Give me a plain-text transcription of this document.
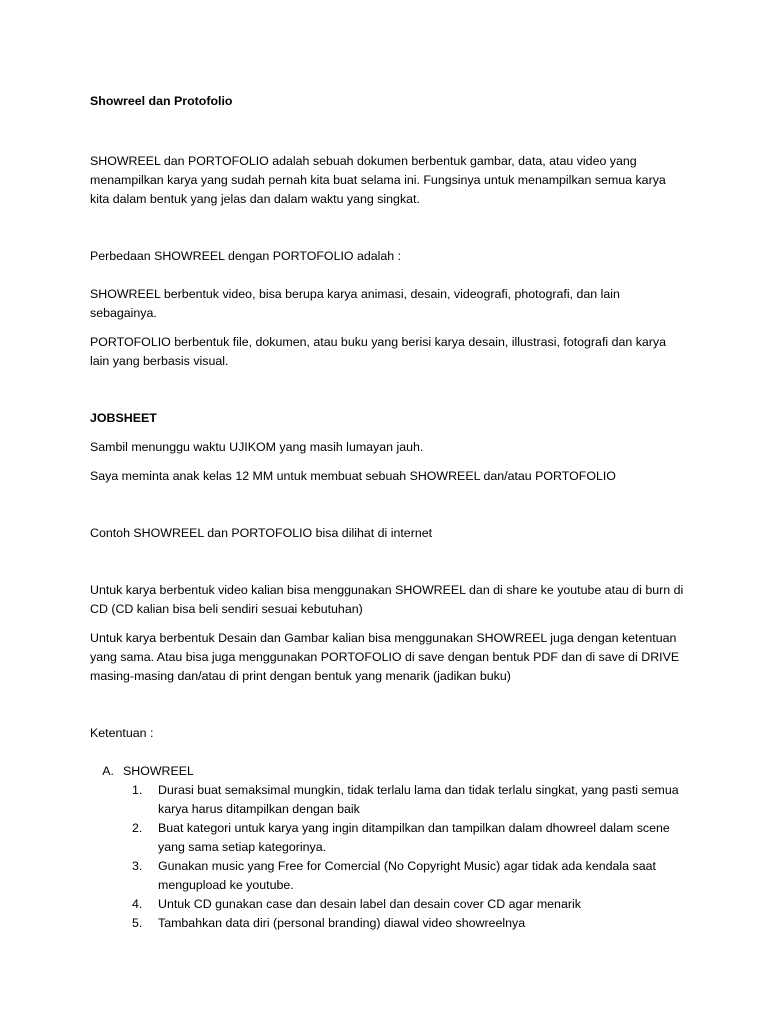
Showreel dan Protofolio

SHOWREEL dan PORTOFOLIO adalah sebuah dokumen berbentuk gambar, data, atau video yang menampilkan karya yang sudah pernah kita buat selama ini. Fungsinya untuk menampilkan semua karya kita dalam bentuk yang jelas dan dalam waktu yang singkat.

Perbedaan SHOWREEL dengan PORTOFOLIO adalah :

SHOWREEL berbentuk video, bisa berupa karya animasi, desain, videografi, photografi, dan lain sebagainya.

PORTOFOLIO berbentuk file, dokumen, atau buku yang berisi karya desain, illustrasi, fotografi dan karya lain yang berbasis visual.

JOBSHEET

Sambil menunggu waktu UJIKOM yang masih lumayan jauh.

Saya meminta anak kelas 12 MM untuk membuat sebuah SHOWREEL dan/atau PORTOFOLIO

Contoh SHOWREEL dan PORTOFOLIO bisa dilihat di internet

Untuk karya berbentuk video kalian bisa menggunakan SHOWREEL dan di share ke youtube atau di burn di CD (CD kalian bisa beli sendiri sesuai kebutuhan)

Untuk karya berbentuk Desain dan Gambar kalian bisa menggunakan SHOWREEL juga dengan ketentuan yang sama. Atau bisa juga menggunakan PORTOFOLIO di save dengan bentuk PDF dan di save di DRIVE masing-masing dan/atau di print dengan bentuk yang menarik (jadikan buku)

Ketentuan :

A. SHOWREEL
1. Durasi buat semaksimal mungkin, tidak terlalu lama dan tidak terlalu singkat, yang pasti semua karya harus ditampilkan dengan baik
2. Buat kategori untuk karya yang ingin ditampilkan dan tampilkan dalam dhowreel dalam scene yang sama setiap kategorinya.
3. Gunakan music yang Free for Comercial (No Copyright Music) agar tidak ada kendala saat mengupload ke youtube.
4. Untuk CD gunakan case dan desain label dan desain cover CD agar menarik
5. Tambahkan data diri (personal branding) diawal video showreelnya
